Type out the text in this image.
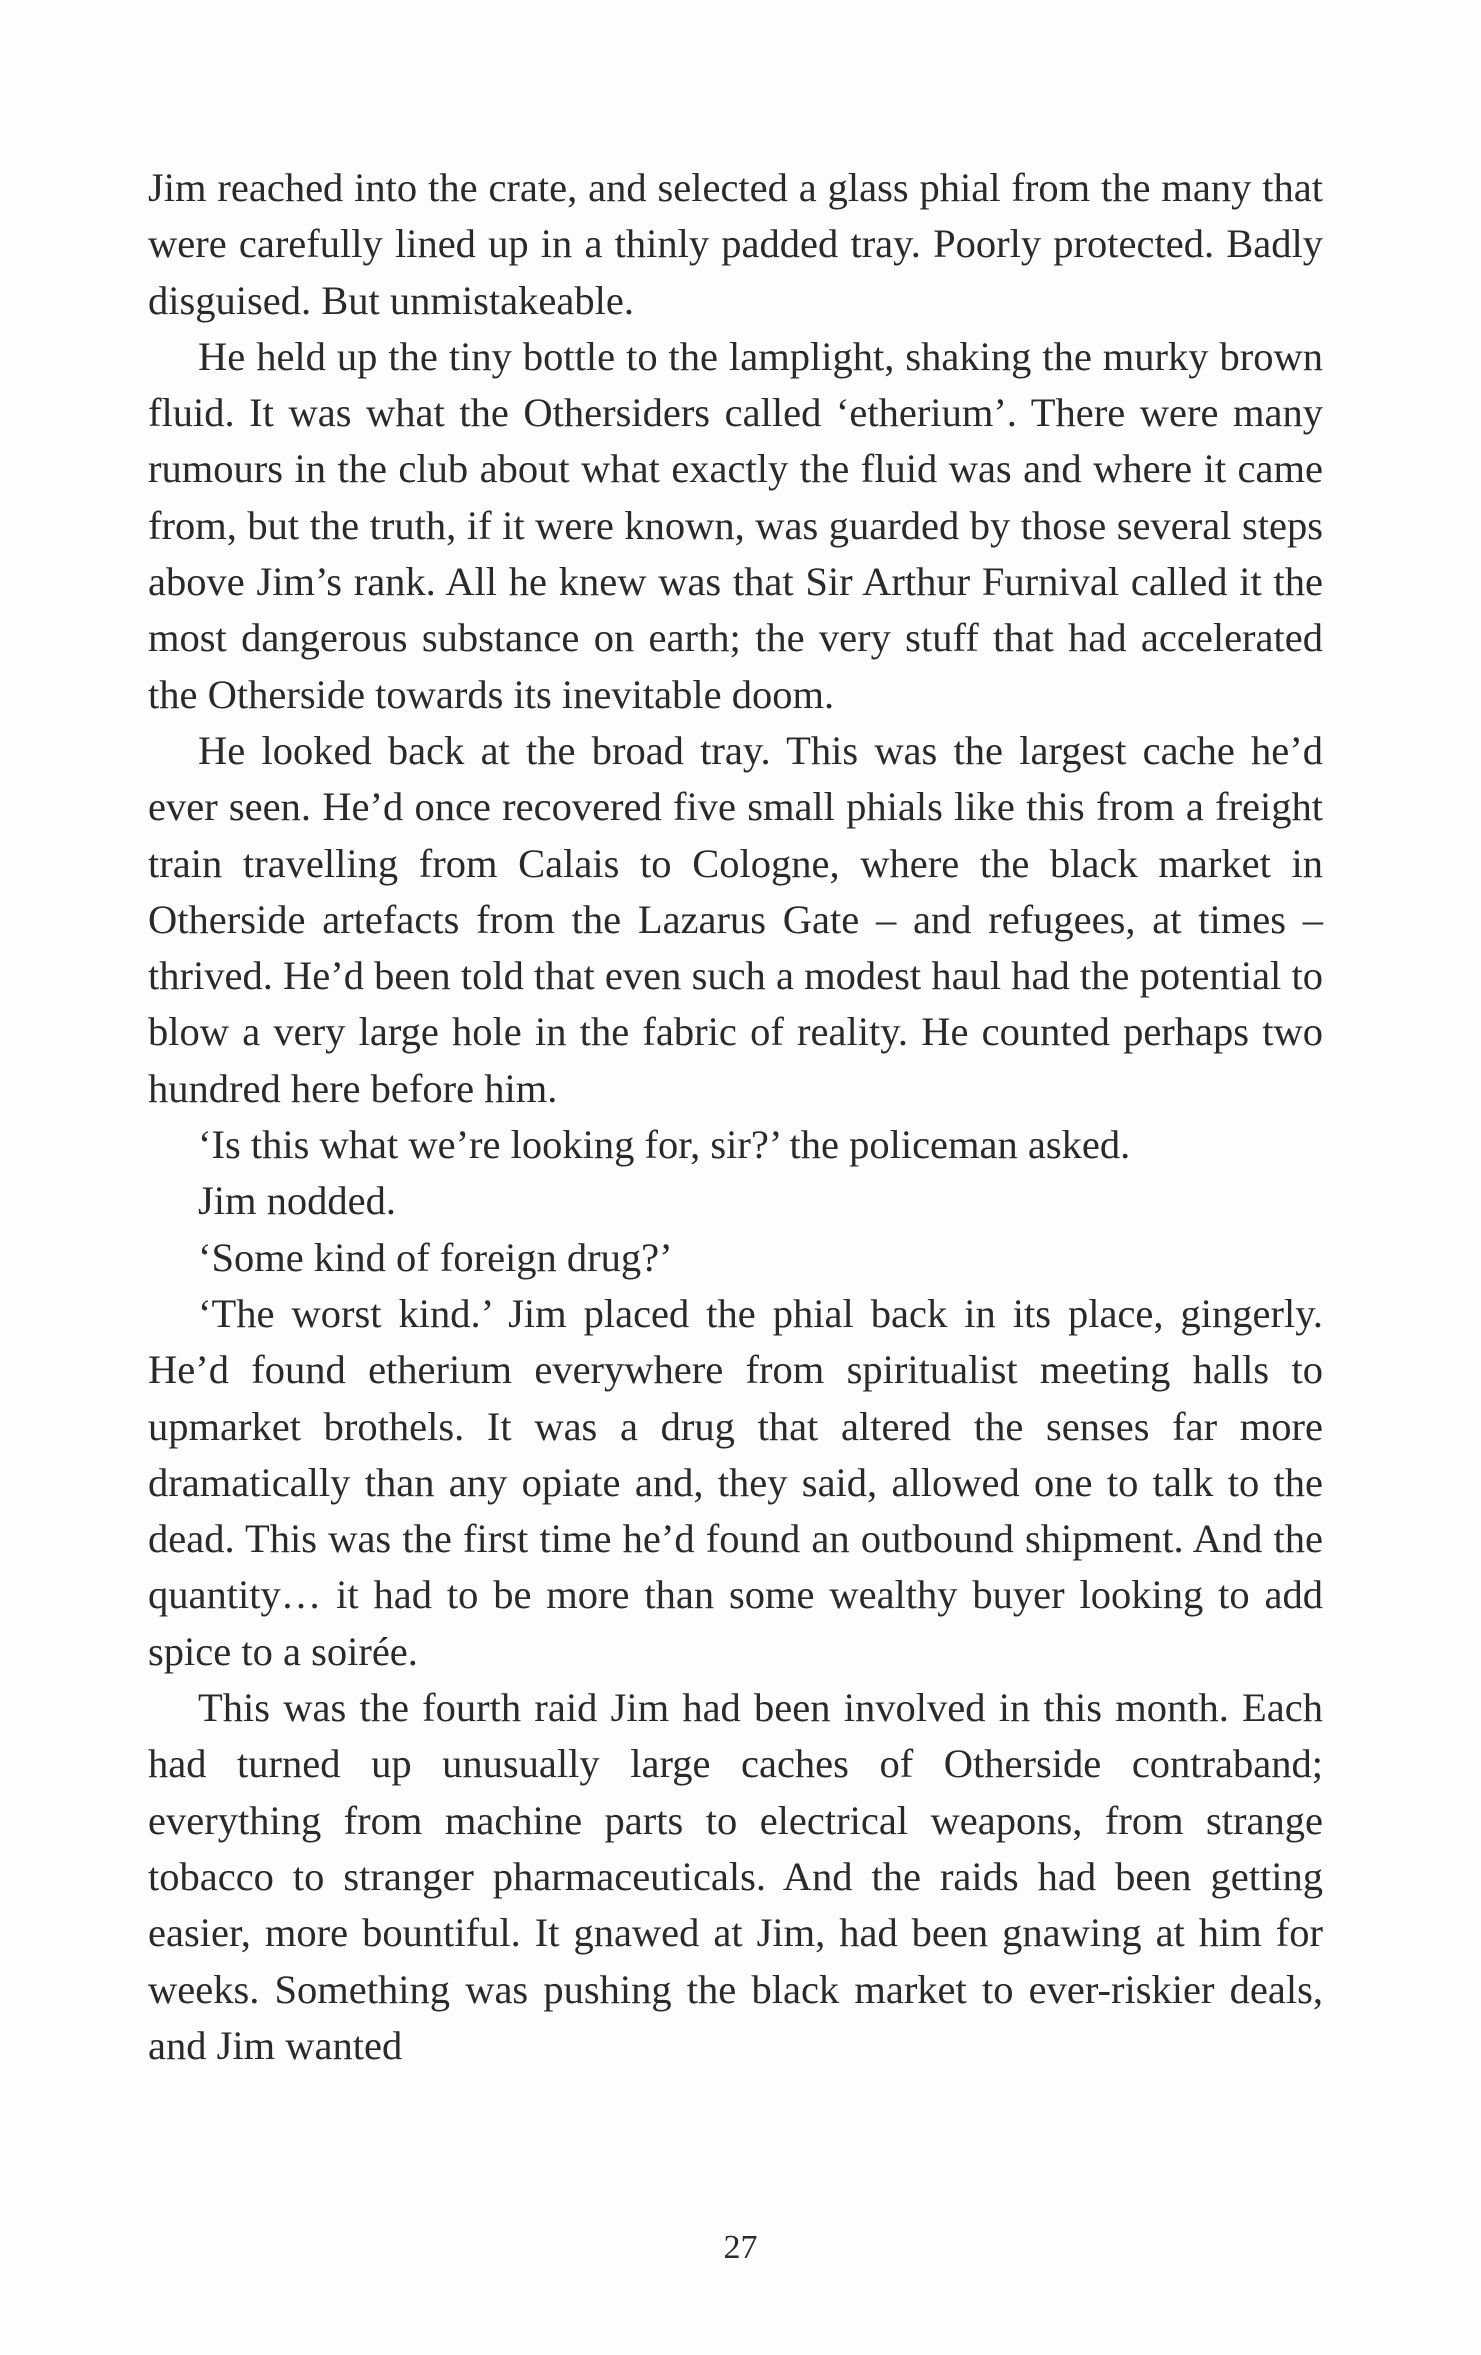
Jim reached into the crate, and selected a glass phial from the many that were carefully lined up in a thinly padded tray. Poorly protected. Badly disguised. But unmistakeable.

He held up the tiny bottle to the lamplight, shaking the murky brown fluid. It was what the Othersiders called ‘etherium’. There were many rumours in the club about what exactly the fluid was and where it came from, but the truth, if it were known, was guarded by those several steps above Jim’s rank. All he knew was that Sir Arthur Furnival called it the most dangerous substance on earth; the very stuff that had accelerated the Otherside towards its inevitable doom.

He looked back at the broad tray. This was the largest cache he’d ever seen. He’d once recovered five small phials like this from a freight train travelling from Calais to Cologne, where the black market in Otherside artefacts from the Lazarus Gate – and refugees, at times – thrived. He’d been told that even such a modest haul had the potential to blow a very large hole in the fabric of reality. He counted perhaps two hundred here before him.

‘Is this what we’re looking for, sir?’ the policeman asked.

Jim nodded.

‘Some kind of foreign drug?’

‘The worst kind.’ Jim placed the phial back in its place, gingerly. He’d found etherium everywhere from spiritualist meeting halls to upmarket brothels. It was a drug that altered the senses far more dramatically than any opiate and, they said, allowed one to talk to the dead. This was the first time he’d found an outbound shipment. And the quantity… it had to be more than some wealthy buyer looking to add spice to a soirée.

This was the fourth raid Jim had been involved in this month. Each had turned up unusually large caches of Otherside contraband; everything from machine parts to electrical weapons, from strange tobacco to stranger pharmaceuticals. And the raids had been getting easier, more bountiful. It gnawed at Jim, had been gnawing at him for weeks. Something was pushing the black market to ever-riskier deals, and Jim wanted

27
